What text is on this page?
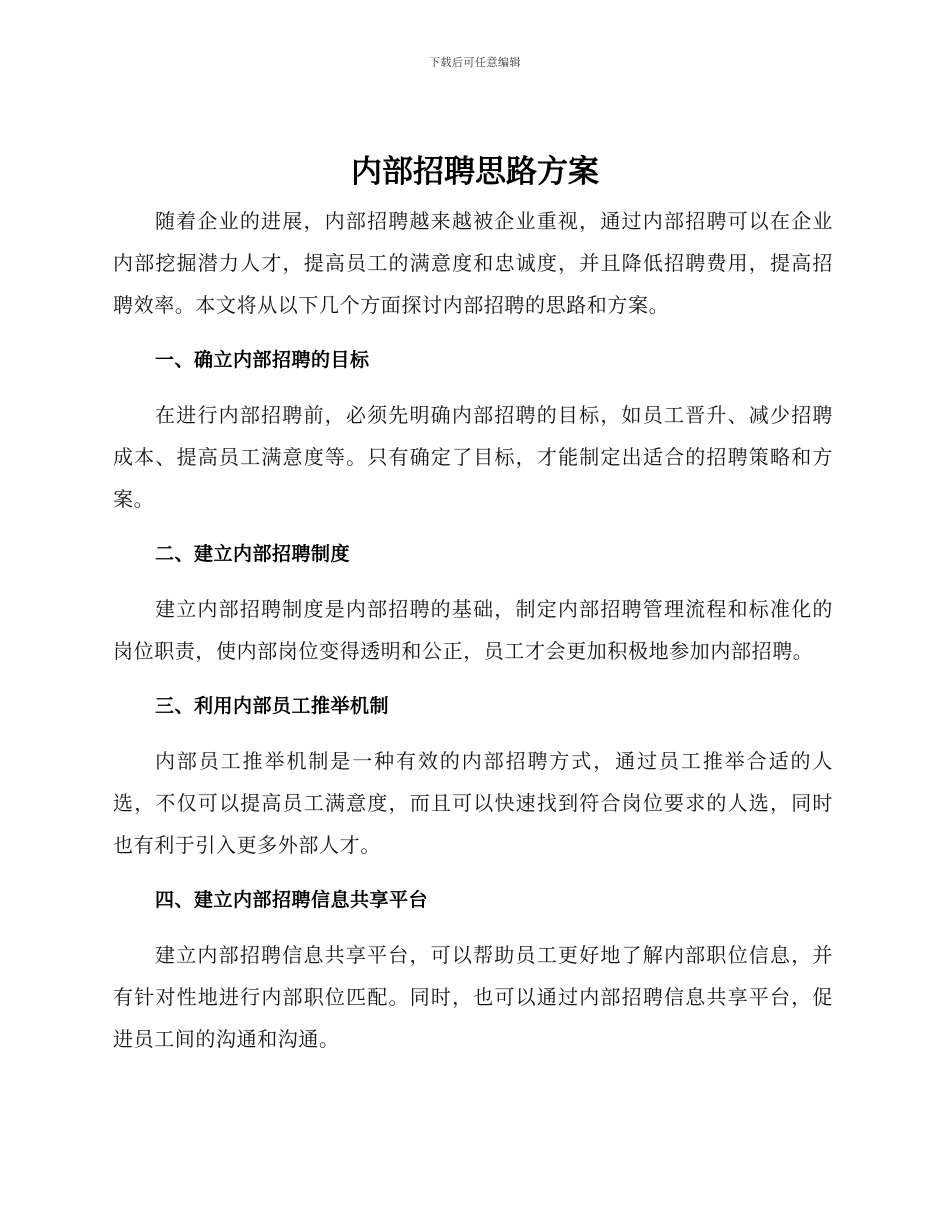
下载后可任意编辑
内部招聘思路方案

随着企业的进展，内部招聘越来越被企业重视，通过内部招聘可以在企业内部挖掘潜力人才，提高员工的满意度和忠诚度，并且降低招聘费用，提高招聘效率。本文将从以下几个方面探讨内部招聘的思路和方案。

一、确立内部招聘的目标

在进行内部招聘前，必须先明确内部招聘的目标，如员工晋升、减少招聘成本、提高员工满意度等。只有确定了目标，才能制定出适合的招聘策略和方案。

二、建立内部招聘制度

建立内部招聘制度是内部招聘的基础，制定内部招聘管理流程和标准化的岗位职责，使内部岗位变得透明和公正，员工才会更加积极地参加内部招聘。

三、利用内部员工推举机制

内部员工推举机制是一种有效的内部招聘方式，通过员工推举合适的人选，不仅可以提高员工满意度，而且可以快速找到符合岗位要求的人选，同时也有利于引入更多外部人才。

四、建立内部招聘信息共享平台

建立内部招聘信息共享平台，可以帮助员工更好地了解内部职位信息，并有针对性地进行内部职位匹配。同时，也可以通过内部招聘信息共享平台，促进员工间的沟通和沟通。
